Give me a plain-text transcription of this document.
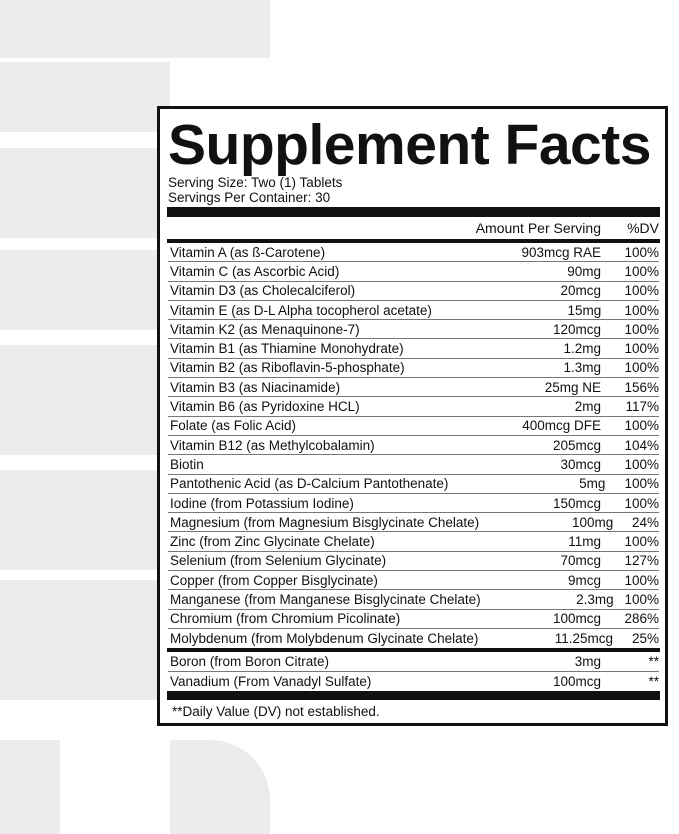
Supplement Facts
Serving Size: Two (1) Tablets
Servings Per Container: 30
Amount Per Serving	%DV
Vitamin A (as ß-Carotene)	903mcg RAE	100%
Vitamin C (as Ascorbic Acid)	90mg	100%
Vitamin D3 (as Cholecalciferol)	20mcg	100%
Vitamin E (as D-L Alpha tocopherol acetate)	15mg	100%
Vitamin K2 (as Menaquinone-7)	120mcg	100%
Vitamin B1 (as Thiamine Monohydrate)	1.2mg	100%
Vitamin B2 (as Riboflavin-5-phosphate)	1.3mg	100%
Vitamin B3 (as Niacinamide)	25mg NE	156%
Vitamin B6 (as Pyridoxine HCL)	2mg	117%
Folate (as Folic Acid)	400mcg DFE	100%
Vitamin B12 (as Methylcobalamin)	205mcg	104%
Biotin	30mcg	100%
Pantothenic Acid (as D-Calcium Pantothenate)	5mg	100%
Iodine (from Potassium Iodine)	150mcg	100%
Magnesium (from Magnesium Bisglycinate Chelate)	100mg	24%
Zinc (from Zinc Glycinate Chelate)	11mg	100%
Selenium (from Selenium Glycinate)	70mcg	127%
Copper (from Copper Bisglycinate)	9mcg	100%
Manganese (from Manganese Bisglycinate Chelate)	2.3mg 100%
Chromium (from Chromium Picolinate)	100mcg	286%
Molybdenum (from Molybdenum Glycinate Chelate)	11.25mcg	25%
Boron (from Boron Citrate)	3mg	**
Vanadium (From Vanadyl Sulfate)	100mcg	**
**Daily Value (DV) not established.
